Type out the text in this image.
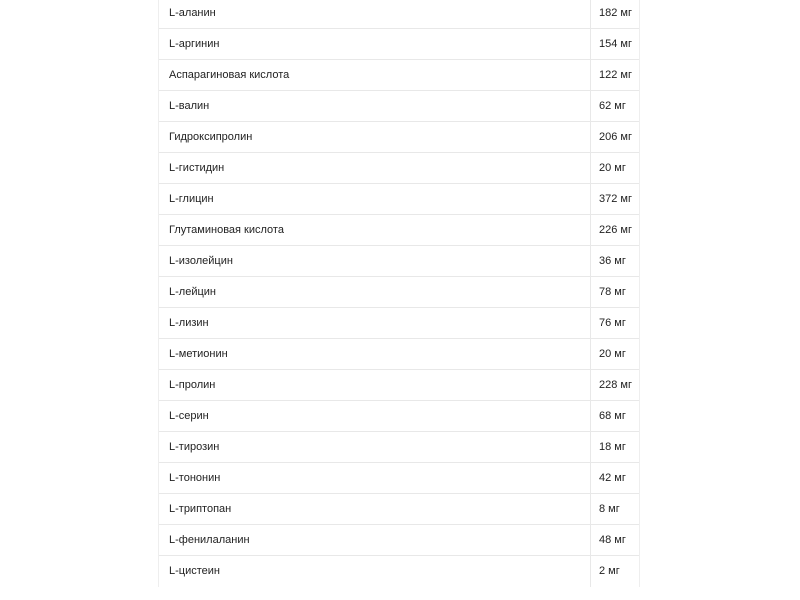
L-аланин	182 мг
L-аргинин	154 мг
Аспарагиновая кислота	122 мг
L-валин	62 мг
Гидроксипролин	206 мг
L-гистидин	20 мг
L-глицин	372 мг
Глутаминовая кислота	226 мг
L-изолейцин	36 мг
L-лейцин	78 мг
L-лизин	76 мг
L-метионин	20 мг
L-пролин	228 мг
L-серин	68 мг
L-тирозин	18 мг
L-тононин	42 мг
L-триптопан	8 мг
L-фенилаланин	48 мг
L-цистеин	2 мг
